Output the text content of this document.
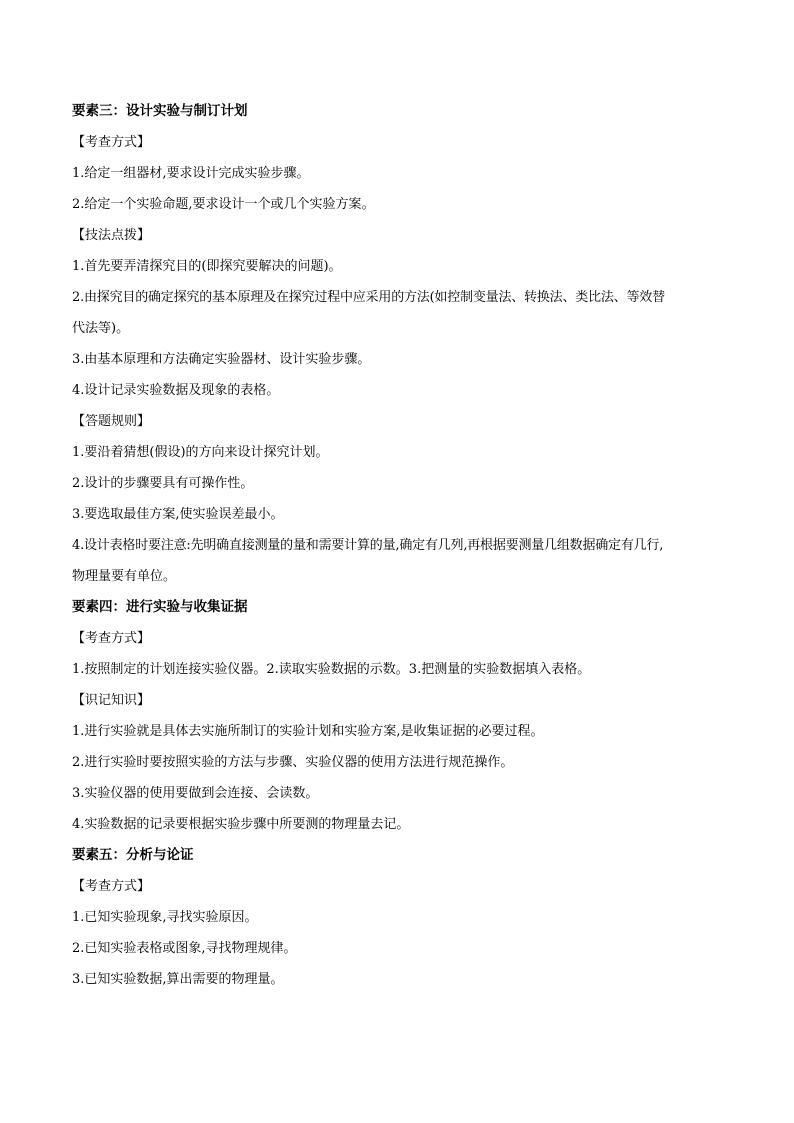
要素三：设计实验与制订计划
【考查方式】
1.给定一组器材,要求设计完成实验步骤。
2.给定一个实验命题,要求设计一个或几个实验方案。
【技法点拨】
1.首先要弄清探究目的(即探究要解决的问题)。
2.由探究目的确定探究的基本原理及在探究过程中应采用的方法(如控制变量法、转换法、类比法、等效替
代法等)。
3.由基本原理和方法确定实验器材、设计实验步骤。
4.设计记录实验数据及现象的表格。
【答题规则】
1.要沿着猜想(假设)的方向来设计探究计划。
2.设计的步骤要具有可操作性。
3.要选取最佳方案,使实验误差最小。
4.设计表格时要注意:先明确直接测量的量和需要计算的量,确定有几列,再根据要测量几组数据确定有几行,
物理量要有单位。
要素四：进行实验与收集证据
【考查方式】
1.按照制定的计划连接实验仪器。2.读取实验数据的示数。3.把测量的实验数据填入表格。
【识记知识】
1.进行实验就是具体去实施所制订的实验计划和实验方案,是收集证据的必要过程。
2.进行实验时要按照实验的方法与步骤、实验仪器的使用方法进行规范操作。
3.实验仪器的使用要做到会连接、会读数。
4.实验数据的记录要根据实验步骤中所要测的物理量去记。
要素五：分析与论证
【考查方式】
1.已知实验现象,寻找实验原因。
2.已知实验表格或图象,寻找物理规律。
3.已知实验数据,算出需要的物理量。
